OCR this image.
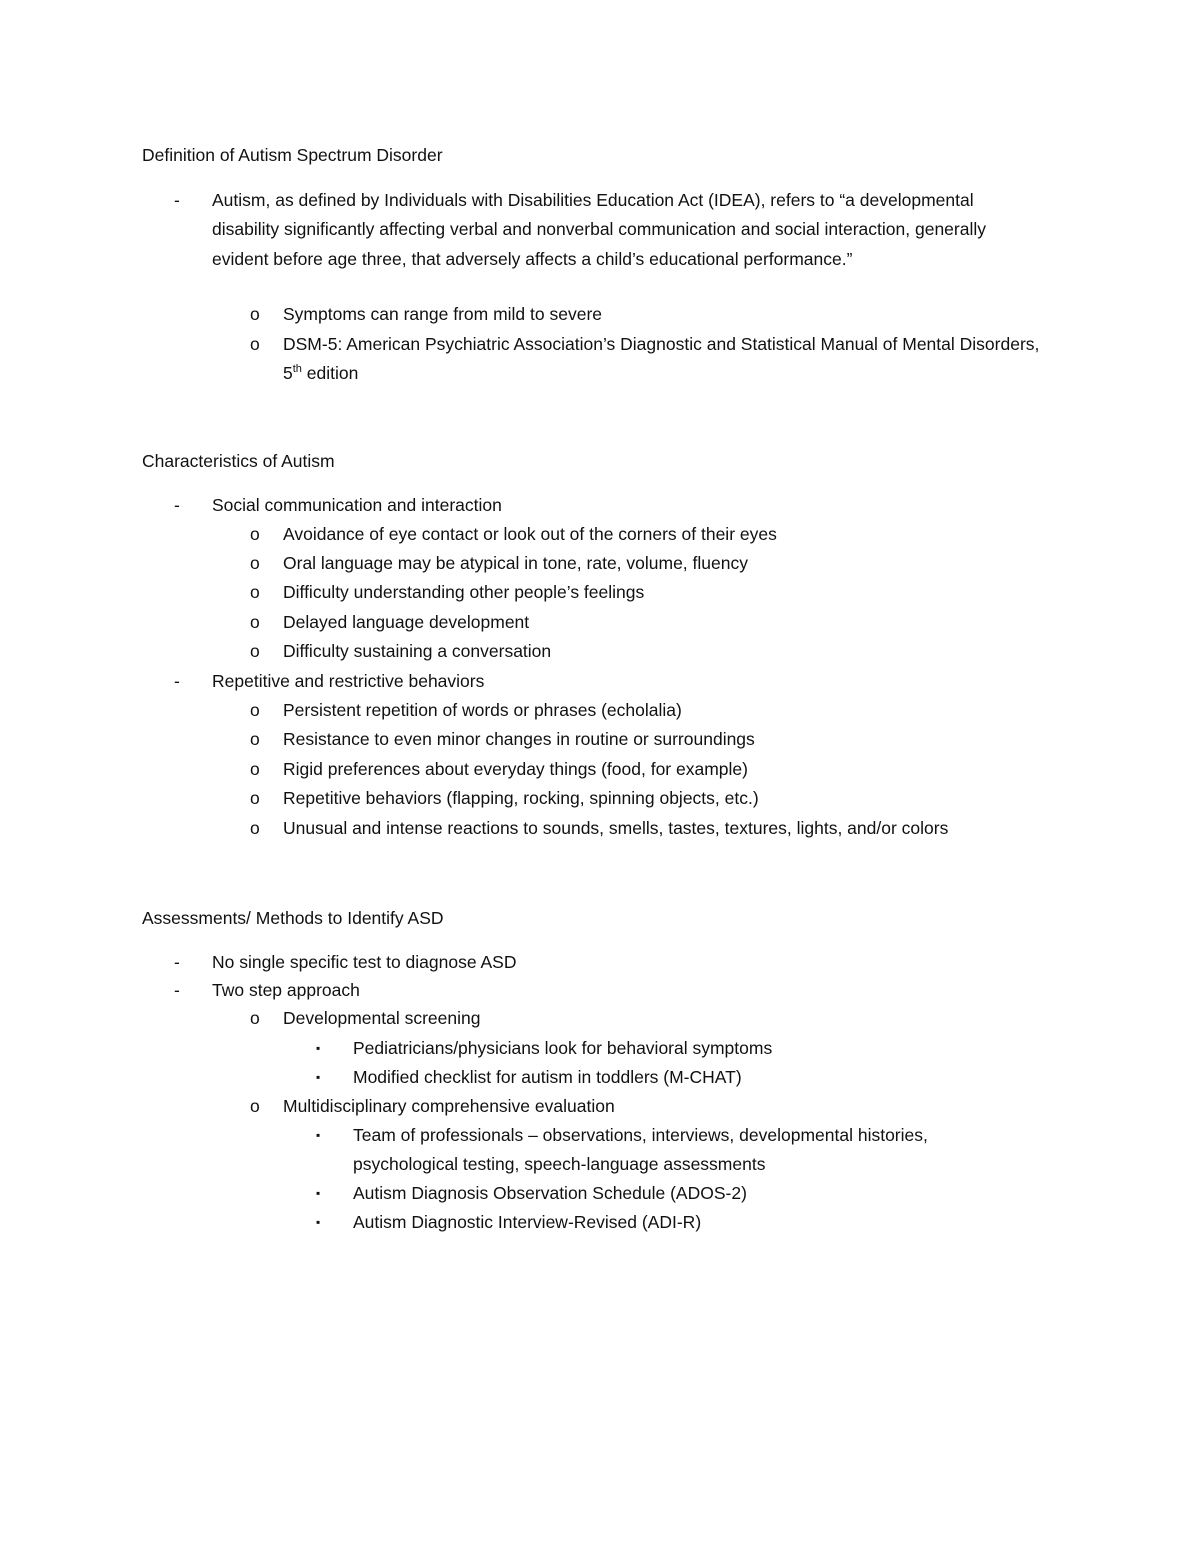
Definition of Autism Spectrum Disorder
- Autism, as defined by Individuals with Disabilities Education Act (IDEA), refers to “a developmental disability significantly affecting verbal and nonverbal communication and social interaction, generally evident before age three, that adversely affects a child’s educational performance.”
o Symptoms can range from mild to severe
o DSM-5: American Psychiatric Association’s Diagnostic and Statistical Manual of Mental Disorders, 5th edition
Characteristics of Autism
- Social communication and interaction
o Avoidance of eye contact or look out of the corners of their eyes
o Oral language may be atypical in tone, rate, volume, fluency
o Difficulty understanding other people’s feelings
o Delayed language development
o Difficulty sustaining a conversation
- Repetitive and restrictive behaviors
o Persistent repetition of words or phrases (echolalia)
o Resistance to even minor changes in routine or surroundings
o Rigid preferences about everyday things (food, for example)
o Repetitive behaviors (flapping, rocking, spinning objects, etc.)
o Unusual and intense reactions to sounds, smells, tastes, textures, lights, and/or colors
Assessments/ Methods to Identify ASD
- No single specific test to diagnose ASD
- Two step approach
o Developmental screening
▪ Pediatricians/physicians look for behavioral symptoms
▪ Modified checklist for autism in toddlers (M-CHAT)
o Multidisciplinary comprehensive evaluation
▪ Team of professionals – observations, interviews, developmental histories, psychological testing, speech-language assessments
▪ Autism Diagnosis Observation Schedule (ADOS-2)
▪ Autism Diagnostic Interview-Revised (ADI-R)
